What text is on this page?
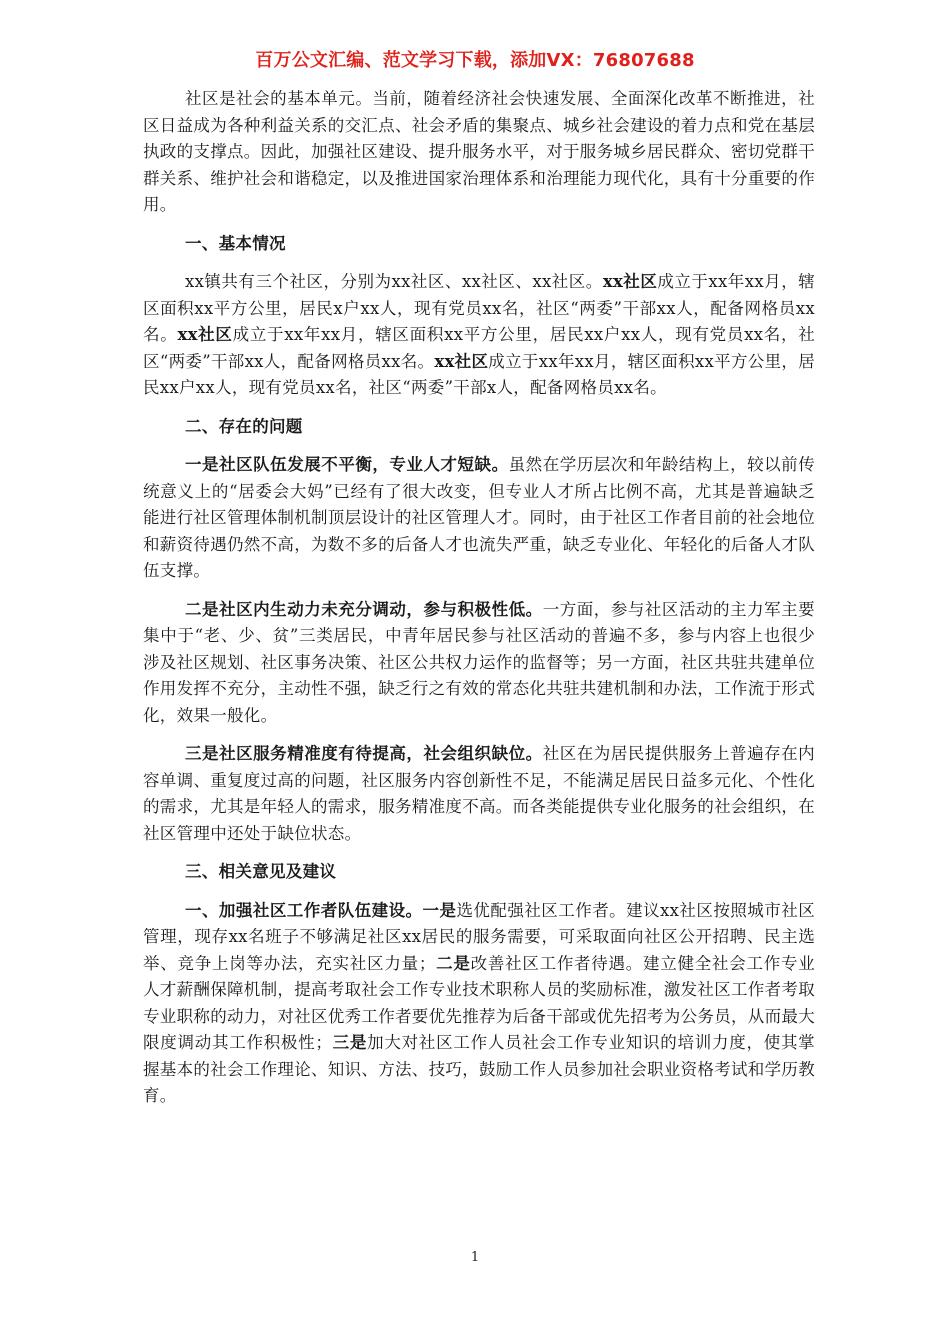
百万公文汇编、范文学习下载，添加VX：76807688

社区是社会的基本单元。当前，随着经济社会快速发展、全面深化改革不断推进，社区日益成为各种利益关系的交汇点、社会矛盾的集聚点、城乡社会建设的着力点和党在基层执政的支撑点。因此，加强社区建设、提升服务水平，对于服务城乡居民群众、密切党群干群关系、维护社会和谐稳定，以及推进国家治理体系和治理能力现代化，具有十分重要的作用。

一、基本情况

xx镇共有三个社区，分别为xx社区、xx社区、xx社区。xx社区成立于xx年xx月，辖区面积xx平方公里，居民x户xx人，现有党员xx名，社区“两委”干部xx人，配备网格员xx名。xx社区成立于xx年xx月，辖区面积xx平方公里，居民xx户xx人，现有党员xx名，社区“两委”干部xx人，配备网格员xx名。xx社区成立于xx年xx月，辖区面积xx平方公里，居民xx户xx人，现有党员xx名，社区“两委”干部x人，配备网格员xx名。

二、存在的问题

一是社区队伍发展不平衡，专业人才短缺。虽然在学历层次和年龄结构上，较以前传统意义上的“居委会大妈”已经有了很大改变，但专业人才所占比例不高，尤其是普遍缺乏能进行社区管理体制机制顶层设计的社区管理人才。同时，由于社区工作者目前的社会地位和薪资待遇仍然不高，为数不多的后备人才也流失严重，缺乏专业化、年轻化的后备人才队伍支撑。

二是社区内生动力未充分调动，参与积极性低。一方面，参与社区活动的主力军主要集中于“老、少、贫”三类居民，中青年居民参与社区活动的普遍不多，参与内容上也很少涉及社区规划、社区事务决策、社区公共权力运作的监督等；另一方面，社区共驻共建单位作用发挥不充分，主动性不强，缺乏行之有效的常态化共驻共建机制和办法，工作流于形式化，效果一般化。

三是社区服务精准度有待提高，社会组织缺位。社区在为居民提供服务上普遍存在内容单调、重复度过高的问题，社区服务内容创新性不足，不能满足居民日益多元化、个性化的需求，尤其是年轻人的需求，服务精准度不高。而各类能提供专业化服务的社会组织，在社区管理中还处于缺位状态。

三、相关意见及建议

一、加强社区工作者队伍建设。一是选优配强社区工作者。建议xx社区按照城市社区管理，现存xx名班子不够满足社区xx居民的服务需要，可采取面向社区公开招聘、民主选举、竞争上岗等办法，充实社区力量；二是改善社区工作者待遇。建立健全社会工作专业人才薪酬保障机制，提高考取社会工作专业技术职称人员的奖励标准，激发社区工作者考取专业职称的动力，对社区优秀工作者要优先推荐为后备干部或优先招考为公务员，从而最大限度调动其工作积极性；三是加大对社区工作人员社会工作专业知识的培训力度，使其掌握基本的社会工作理论、知识、方法、技巧，鼓励工作人员参加社会职业资格考试和学历教育。

1
